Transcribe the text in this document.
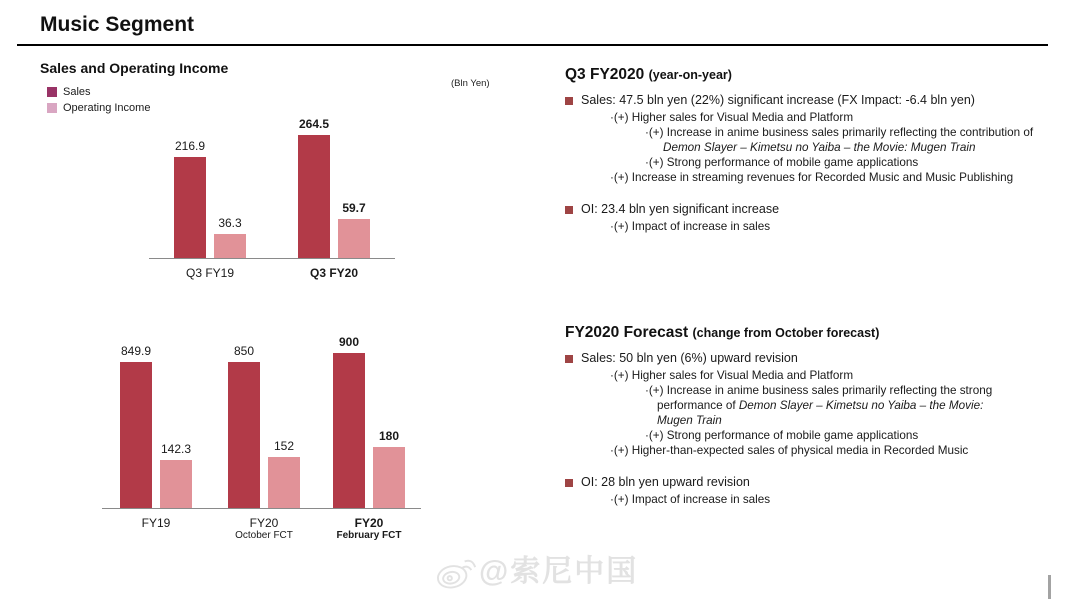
Music Segment
Sales and Operating Income
Sales
Operating Income
(Bln Yen)
216.9
36.3
Q3 FY19
264.5
59.7
Q3 FY20
849.9
142.3
FY19
850
152
FY20
October FCT
900
180
FY20
February FCT
Q3 FY2020 (year-on-year)
Sales: 47.5 bln yen (22%) significant increase (FX Impact: -6.4 bln yen)
·(+) Higher sales for Visual Media and Platform
·(+) Increase in anime business sales primarily reflecting the contribution of
Demon Slayer – Kimetsu no Yaiba – the Movie: Mugen Train
·(+) Strong performance of mobile game applications
·(+) Increase in streaming revenues for Recorded Music and Music Publishing
OI: 23.4 bln yen significant increase
·(+) Impact of increase in sales
FY2020 Forecast (change from October forecast)
Sales: 50 bln yen (6%) upward revision
·(+) Higher sales for Visual Media and Platform
·(+) Increase in anime business sales primarily reflecting the strong
performance of Demon Slayer – Kimetsu no Yaiba – the Movie:
Mugen Train
·(+) Strong performance of mobile game applications
·(+) Higher-than-expected sales of physical media in Recorded Music
OI: 28 bln yen upward revision
·(+) Impact of increase in sales
@索尼中国
